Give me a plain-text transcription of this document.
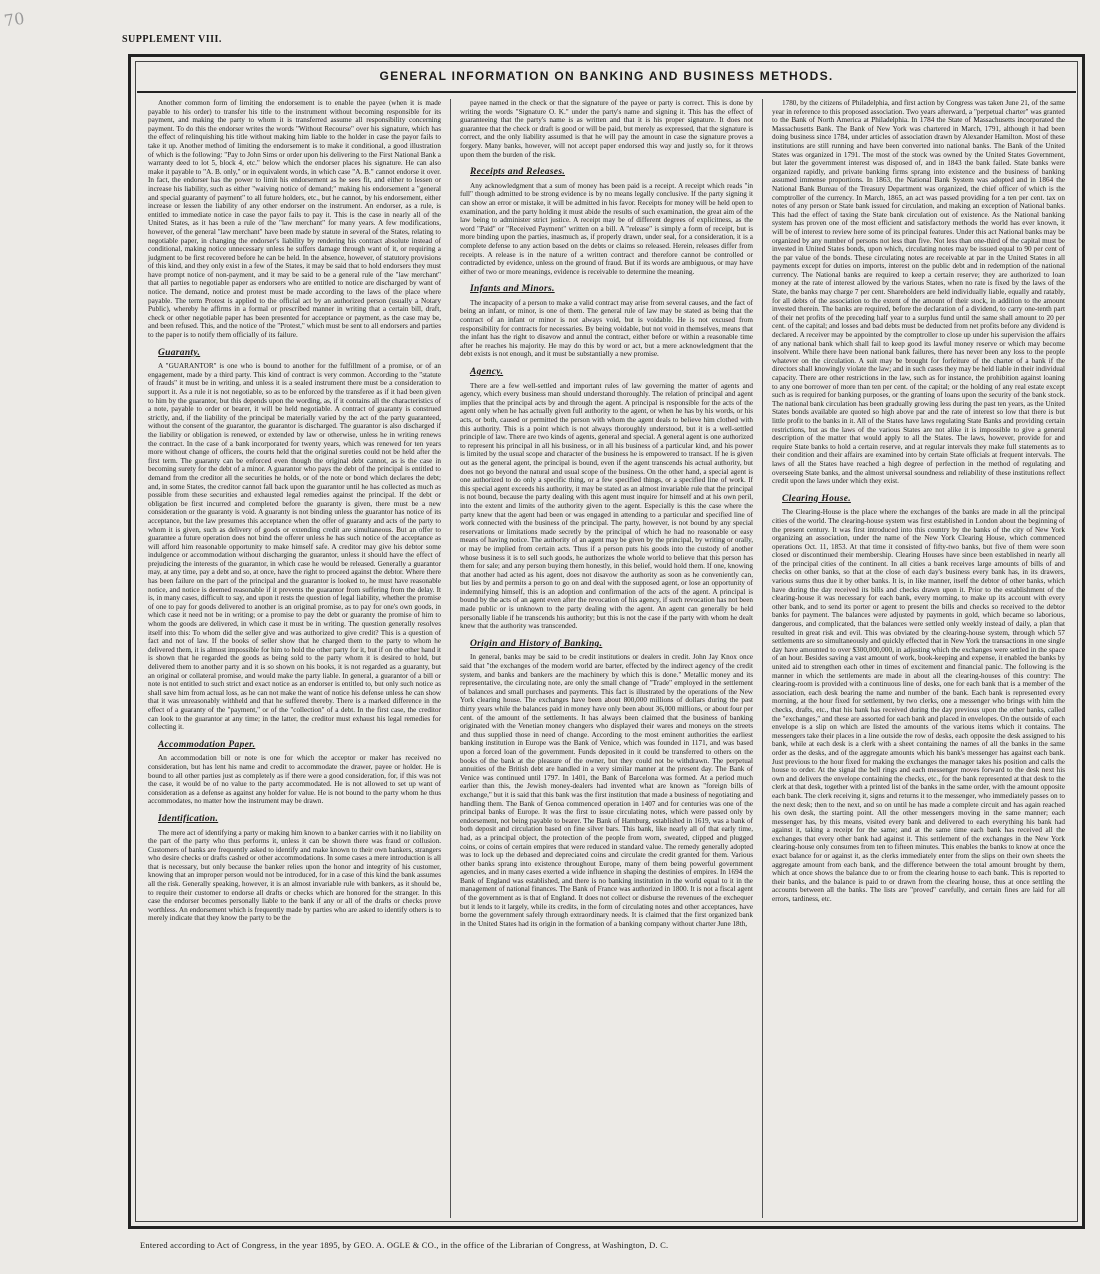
70
SUPPLEMENT VIII.
GENERAL INFORMATION ON BANKING AND BUSINESS METHODS.

Another common form of limiting the endorsement is to enable the payee (when it is made payable to his order) to transfer his title to the instrument without becoming responsible for its payment, and making the party to whom it is transferred assume all responsibility concerning payment. To do this the endorser writes the words "Without Recourse" over his signature, which has the effect of relinquishing his title without making him liable to the holder in case the payor fails to take it up. Another method of limiting the endorsement is to make it conditional, a good illustration of which is the following: "Pay to John Sims or order upon his delivering to the First National Bank a warranty deed to lot 5, block 4, etc." below which the endorser places his signature. He can also make it payable to "A. B. only," or in equivalent words, in which case "A. B." cannot endorse it over. In fact, the endorser has the power to limit his endorsement as he sees fit, and either to lessen or increase his liability, such as either "waiving notice of demand;" making his endorsement a "general and special guaranty of payment" to all future holders, etc., but he cannot, by his endorsement, either increase or lessen the liability of any other endorser on the instrument. An endorser, as a rule, is entitled to immediate notice in case the payor fails to pay it. This is the case in nearly all of the United States, as it has been a rule of the "law merchant" for many years. A few modifications, however, of the general "law merchant" have been made by statute in several of the States, relating to negotiable paper, in changing the endorser's liability by rendering his contract absolute instead of conditional, making notice unnecessary unless he suffers damage through want of it, or requiring a judgment to be first recovered before he can be held. In the absence, however, of statutory provisions of this kind, and they only exist in a few of the States, it may be said that to hold endorsers they must have prompt notice of non-payment, and it may be said to be a general rule of the "law merchant" that all parties to negotiable paper as endorsers who are entitled to notice are discharged by want of notice. The demand, notice and protest must be made according to the laws of the place where payable. The term Protest is applied to the official act by an authorized person (usually a Notary Public), whereby he affirms in a formal or prescribed manner in writing that a certain bill, draft, check or other negotiable paper has been presented for acceptance or payment, as the case may be, and been refused. This, and the notice of the "Protest," which must be sent to all endorsers and parties to the paper is to notify them officially of its failure.

Guaranty.

A "GUARANTOR" is one who is bound to another for the fulfillment of a promise, or of an engagement, made by a third party. This kind of contract is very common. According to the "statute of frauds" it must be in writing, and unless it is a sealed instrument there must be a consideration to support it. As a rule it is not negotiable, so as to be enforced by the transferee as if it had been given to him by the guarantor, but this depends upon the wording, as, if it contains all the characteristics of a note, payable to order or bearer, it will be held negotiable. A contract of guaranty is construed strictly, and, if the liability of the principal be materially varied by the act of the party guaranteed, without the consent of the guarantor, the guarantor is discharged. The guarantor is also discharged if the liability or obligation is renewed, or extended by law or otherwise, unless he in writing renews the contract. In the case of a bank incorporated for twenty years, which was renewed for ten years more without change of officers, the courts held that the original sureties could not be held after the first term. The guaranty can be enforced even though the original debt cannot, as is the case in becoming surety for the debt of a minor. A guarantor who pays the debt of the principal is entitled to demand from the creditor all the securities he holds, or of the note or bond which declares the debt; and, in some States, the creditor cannot fall back upon the guarantor until he has collected as much as possible from these securities and exhausted legal remedies against the principal. If the debt or obligation be first incurred and completed before the guaranty is given, there must be a new consideration or the guaranty is void. A guaranty is not binding unless the guarantor has notice of its acceptance, but the law presumes this acceptance when the offer of guaranty and acts of the party to whom it is given, such as delivery of goods or extending credit are simultaneous. But an offer to guarantee a future operation does not bind the offerer unless he has such notice of the acceptance as will afford him reasonable opportunity to make himself safe. A creditor may give his debtor some indulgence or accommodation without discharging the guarantor, unless it should have the effect of prejudicing the interests of the guarantor, in which case he would be released. Generally a guarantor may, at any time, pay a debt and so, at once, have the right to proceed against the debtor. Where there has been failure on the part of the principal and the guarantor is looked to, he must have reasonable notice, and notice is deemed reasonable if it prevents the guarantor from suffering from the delay. It is, in many cases, difficult to say, and upon it rests the question of legal liability, whether the promise of one to pay for goods delivered to another is an original promise, as to pay for one's own goods, in which case it need not be in writing; or a promise to pay the debt or guaranty the promise of him to whom the goods are delivered, in which case it must be in writing. The question generally resolves itself into this: To whom did the seller give and was authorized to give credit? This is a question of fact and not of law. If the books of seller show that he charged them to the party to whom he delivered them, it is almost impossible for him to hold the other party for it, but if on the other hand it is shown that he regarded the goods as being sold to the party whom it is desired to hold, but delivered them to another party and it is so shown on his books, it is not regarded as a guaranty, but an original or collateral promise, and would make the party liable. In general, a guarantor of a bill or note is not entitled to such strict and exact notice as an endorser is entitled to, but only such notice as shall save him from actual loss, as he can not make the want of notice his defense unless he can show that it was unreasonably withheld and that he suffered thereby. There is a marked difference in the effect of a guaranty of the "payment," or of the "collection" of a debt. In the first case, the creditor can look to the guarantor at any time; in the latter, the creditor must exhaust his legal remedies for collecting it.

Accommodation Paper.

An accommodation bill or note is one for which the acceptor or maker has received no consideration, but has lent his name and credit to accommodate the drawer, payee or holder. He is bound to all other parties just as completely as if there were a good consideration, for, if this was not the case, it would be of no value to the party accommodated. He is not allowed to set up want of consideration as a defense as against any holder for value. He is not bound to the party whom he thus accommodates, no matter how the instrument may be drawn.

Identification.

The mere act of identifying a party or making him known to a banker carries with it no liability on the part of the party who thus performs it, unless it can be shown there was fraud or collusion. Customers of banks are frequently asked to identify and make known to their own bankers, strangers who desire checks or drafts cashed or other accommodations. In some cases a mere introduction is all that is necessary, but only because the banker relies upon the honor and integrity of his customer, knowing that an improper person would not be introduced, for in a case of this kind the bank assumes all the risk. Generally speaking, however, it is an almost invariable rule with bankers, as it should be, to require their customer to endorse all drafts or checks which are honored for the stranger. In this case the endorser becomes personally liable to the bank if any or all of the drafts or checks prove worthless. An endorsement which is frequently made by parties who are asked to identify others is to merely indicate that they know the party to be the

payee named in the check or that the signature of the payee or party is correct. This is done by writing the words "Signature O. K." under the party's name and signing it. This has the effect of guaranteeing that the party's name is as written and that it is his proper signature. It does not guarantee that the check or draft is good or will be paid, but merely as expressed, that the signature is correct, and the only liability assumed is that he will pay the amount in case the signature proves a forgery. Many banks, however, will not accept paper endorsed this way and justly so, for it throws upon them the burden of the risk.

Receipts and Releases.

Any acknowledgment that a sum of money has been paid is a receipt. A receipt which reads "in full" though admitted to be strong evidence is by no means legally conclusive. If the party signing it can show an error or mistake, it will be admitted in his favor. Receipts for money will be held open to examination, and the party holding it must abide the results of such examination, the great aim of the law being to administer strict justice. A receipt may be of different degrees of explicitness, as the word "Paid" or "Received Payment" written on a bill. A "release" is simply a form of receipt, but is more binding upon the parties, inasmuch as, if properly drawn, under seal, for a consideration, it is a complete defense to any action based on the debts or claims so released. Herein, releases differ from receipts. A release is in the nature of a written contract and therefore cannot be controlled or contradicted by evidence, unless on the ground of fraud. But if its words are ambiguous, or may have either of two or more meanings, evidence is receivable to determine the meaning.

Infants and Minors.

The incapacity of a person to make a valid contract may arise from several causes, and the fact of being an infant, or minor, is one of them. The general rule of law may be stated as being that the contract of an infant or minor is not always void, but is voidable. He is not excused from responsibility for contracts for necessaries. By being voidable, but not void in themselves, means that the infant has the right to disavow and annul the contract, either before or within a reasonable time after he reaches his majority. He may do this by word or act, but a mere acknowledgment that the debt exists is not enough, and it must be substantially a new promise.

Agency.

There are a few well-settled and important rules of law governing the matter of agents and agency, which every business man should understand thoroughly. The relation of principal and agent implies that the principal acts by and through the agent. A principal is responsible for the acts of the agent only when he has actually given full authority to the agent, or when he has by his words, or his acts, or both, caused or permitted the person with whom the agent deals to believe him clothed with this authority. This is a point which is not always thoroughly understood, but it is a well-settled principle of law. There are two kinds of agents, general and special. A general agent is one authorized to represent his principal in all his business, or in all his business of a particular kind, and his power is limited by the usual scope and character of the business he is empowered to transact. If he is given out as the general agent, the principal is bound, even if the agent transcends his actual authority, but does not go beyond the natural and usual scope of the business. On the other hand, a special agent is one authorized to do only a specific thing, or a few specified things, or a specified line of work. If this special agent exceeds his authority, it may be stated as an almost invariable rule that the principal is not bound, because the party dealing with this agent must inquire for himself and at his own peril, into the extent and limits of the authority given to the agent. Especially is this the case where the party knew that the agent had been or was engaged in attending to a particular and specified line of work connected with the business of the principal. The party, however, is not bound by any special reservations or limitations made secretly by the principal of which he had no reasonable or easy means of having notice. The authority of an agent may be given by the principal, by writing or orally, or may be implied from certain acts. Thus if a person puts his goods into the custody of another whose business it is to sell such goods, he authorizes the whole world to believe that this person has them for sale; and any person buying them honestly, in this belief, would hold them. If one, knowing that another had acted as his agent, does not disavow the authority as soon as he conveniently can, but lies by and permits a person to go on and deal with the supposed agent, or lose an opportunity of indemnifying himself, this is an adoption and confirmation of the acts of the agent. A principal is bound by the acts of an agent even after the revocation of his agency, if such revocation has not been made public or is unknown to the party dealing with the agent. An agent can generally be held personally liable if he transcends his authority; but this is not the case if the party with whom he dealt knew that the authority was transcended.

Origin and History of Banking.

In general, banks may be said to be credit institutions or dealers in credit. John Jay Knox once said that "the exchanges of the modern world are barter, effected by the indirect agency of the credit system, and banks and bankers are the machinery by which this is done." Metallic money and its representative, the circulating note, are only the small change of "Trade" employed in the settlement of balances and small purchases and payments. This fact is illustrated by the operations of the New York clearing house. The exchanges have been about 800,000 millions of dollars during the past thirty years while the balances paid in money have only been about 36,000 millions, or about four per cent. of the amount of the settlements. It has always been claimed that the business of banking originated with the Venetian money changers who displayed their wares and moneys on the streets and thus supplied those in need of change. According to the most eminent authorities the earliest banking institution in Europe was the Bank of Venice, which was founded in 1171, and was based upon a forced loan of the government. Funds deposited in it could be transferred to others on the books of the bank at the pleasure of the owner, but they could not be withdrawn. The perpetual annuities of the British debt are handled in a very similar manner at the present day. The Bank of Venice was continued until 1797. In 1401, the Bank of Barcelona was formed. At a period much earlier than this, the Jewish money-dealers had invented what are known as "foreign bills of exchange," but it is said that this bank was the first institution that made a business of negotiating and handling them. The Bank of Genoa commenced operation in 1407 and for centuries was one of the principal banks of Europe. It was the first to issue circulating notes, which were passed only by endorsement, not being payable to bearer. The Bank of Hamburg, established in 1619, was a bank of both deposit and circulation based on fine silver bars. This bank, like nearly all of that early time, had, as a principal object, the protection of the people from worn, sweated, clipped and plugged coins, or coins of certain empires that were reduced in standard value. The remedy generally adopted was to lock up the debased and depreciated coins and circulate the credit granted for them. Various other banks sprang into existence throughout Europe, many of them being powerful government agencies, and in many cases exerted a wide influence in shaping the destinies of empires. In 1694 the Bank of England was established, and there is no banking institution in the world equal to it in the management of national finances. The Bank of France was authorized in 1800. It is not a fiscal agent of the government as is that of England. It does not collect or disburse the revenues of the exchequer but it lends to it largely, while its credits, in the form of circulating notes and other acceptances, have borne the government safely through extraordinary needs. It is claimed that the first organized bank in the United States had its origin in the formation of a banking company without charter June 18th,

1780, by the citizens of Philadelphia, and first action by Congress was taken June 21, of the same year in reference to this proposed association. Two years afterward, a "perpetual charter" was granted to the Bank of North America at Philadelphia. In 1784 the State of Massachusetts incorporated the Massachusetts Bank. The Bank of New York was chartered in March, 1791, although it had been doing business since 1784, under articles of association drawn by Alexander Hamilton. Most of these institutions are still running and have been converted into national banks. The Bank of the United States was organized in 1791. The most of the stock was owned by the United States Government, but later the government interest was disposed of, and in 1843 the bank failed. State banks were organized rapidly, and private banking firms sprang into existence and the business of banking assumed immense proportions. In 1863, the National Bank System was adopted and in 1864 the National Bank Bureau of the Treasury Department was organized, the chief officer of which is the comptroller of the currency. In March, 1865, an act was passed providing for a ten per cent. tax on notes of any person or State bank issued for circulation, and making an exception of National banks. This had the effect of taxing the State bank circulation out of existence. As the National banking system has proven one of the most efficient and satisfactory methods the world has ever known, it will be of interest to review here some of its principal features. Under this act National banks may be organized by any number of persons not less than five. Not less than one-third of the capital must be invested in United States bonds, upon which, circulating notes may be issued equal to 90 per cent of the par value of the bonds. These circulating notes are receivable at par in the United States in all payments except for duties on imports, interest on the public debt and in redemption of the national currency. The National banks are required to keep a certain reserve; they are authorized to loan money at the rate of interest allowed by the various States, when no rate is fixed by the laws of the State, the banks may charge 7 per cent. Shareholders are held individually liable, equally and ratably, for all debts of the association to the extent of the amount of their stock, in addition to the amount invested therein. The banks are required, before the declaration of a dividend, to carry one-tenth part of their net profits of the preceding half year to a surplus fund until the same shall amount to 20 per cent. of the capital; and losses and bad debts must be deducted from net profits before any dividend is declared. A receiver may be appointed by the comptroller to close up under his supervision the affairs of any national bank which shall fail to keep good its lawful money reserve or which may become insolvent. While there have been national bank failures, there has never been any loss to the people whatever on the circulation. A suit may be brought for forfeiture of the charter of a bank if the directors shall knowingly violate the law; and in such cases they may be held liable in their individual capacity. There are other restrictions in the law, such as for instance, the prohibition against loaning to any one borrower of more than ten per cent. of the capital; or the holding of any real estate except such as is required for banking purposes, or the granting of loans upon the security of the bank stock. The national bank circulation has been gradually growing less during the past ten years, as the United States bonds available are quoted so high above par and the rate of interest so low that there is but little profit to the banks in it. All of the States have laws regulating State Banks and providing certain restrictions, but as the laws of the various States are not alike it is impossible to give a general description of the matter that would apply to all the States. The laws, however, provide for and require State banks to hold a certain reserve, and at regular intervals they make full statements as to their condition and their affairs are examined into by certain State officials at frequent intervals. The laws of all the States have reached a high degree of perfection in the method of regulating and overseeing State banks, and the almost universal soundness and reliability of these institutions reflect credit upon the laws under which they exist.

Clearing House.

The Clearing-House is the place where the exchanges of the banks are made in all the principal cities of the world. The clearing-house system was first established in London about the beginning of the present century. It was first introduced into this country by the banks of the city of New York organizing an association, under the name of the New York Clearing House, which commenced operations Oct. 11, 1853. At that time it consisted of fifty-two banks, but five of them were soon closed or discontinued their membership. Clearing Houses have since been established in nearly all of the principal cities of the continent. In all cities a bank receives large amounts of bills of and checks on other banks, so that at the close of each day's business every bank has, in its drawers, various sums thus due it by other banks. It is, in like manner, itself the debtor of other banks, which have during the day received its bills and checks drawn upon it. Prior to the establishment of the clearing-house it was necessary for each bank, every morning, to make up its account with every other bank, and to send its porter or agent to present the bills and checks so received to the debtor banks for payment. The balances were adjusted by payments in gold, which became so laborious, dangerous, and complicated, that the balances were settled only weekly instead of daily, a plan that resulted in great risk and evil. This was obviated by the clearing-house system, through which 57 settlements are so simultaneously and quickly effected that in New York the transactions in one single day have amounted to over $300,000,000, in adjusting which the exchanges were settled in the space of an hour. Besides saving a vast amount of work, book-keeping and expense, it enabled the banks by united aid to strengthen each other in times of excitement and financial panic. The following is the manner in which the settlements are made in about all the clearing-houses of this country: The clearing-room is provided with a continuous line of desks, one for each bank that is a member of the association, each desk bearing the name and number of the bank. Each bank is represented every morning, at the hour fixed for settlement, by two clerks, one a messenger who brings with him the checks, drafts, etc., that his bank has received during the day previous upon the other banks, called the "exchanges," and these are assorted for each bank and placed in envelopes. On the outside of each envelope is a slip on which are listed the amounts of the various items which it contains. The messengers take their places in a line outside the row of desks, each opposite the desk assigned to his bank, while at each desk is a clerk with a sheet containing the names of all the banks in the same order as the desks, and of the aggregate amounts which his bank's messenger has against each bank. Just previous to the hour fixed for making the exchanges the manager takes his position and calls the house to order. At the signal the bell rings and each messenger moves forward to the desk next his own and delivers the envelope containing the checks, etc., for the bank represented at that desk to the clerk at that desk, together with a printed list of the banks in the same order, with the amount opposite each bank. The clerk receiving it, signs and returns it to the messenger, who immediately passes on to the next desk; then to the next, and so on until he has made a complete circuit and has again reached his own desk, the starting point. All the other messengers moving in the same manner; each messenger has, by this means, visited every bank and delivered to each everything his bank had against it, taking a receipt for the same; and at the same time each bank has received all the exchanges that every other bank had against it. This settlement of the exchanges in the New York clearing-house only consumes from ten to fifteen minutes. This enables the banks to know at once the exact balance for or against it, as the clerks immediately enter from the slips on their own sheets the aggregate amount from each bank, and the difference between the total amount brought by them, which at once shows the balance due to or from the clearing house to each bank. This is reported to their banks, and the balance is paid to or drawn from the clearing house, thus at once settling the accounts between all the banks. The lists are "proved" carefully, and certain fines are laid for all errors, tardiness, etc.

Entered according to Act of Congress, in the year 1895, by GEO. A. OGLE & CO., in the office of the Librarian of Congress, at Washington, D. C.
